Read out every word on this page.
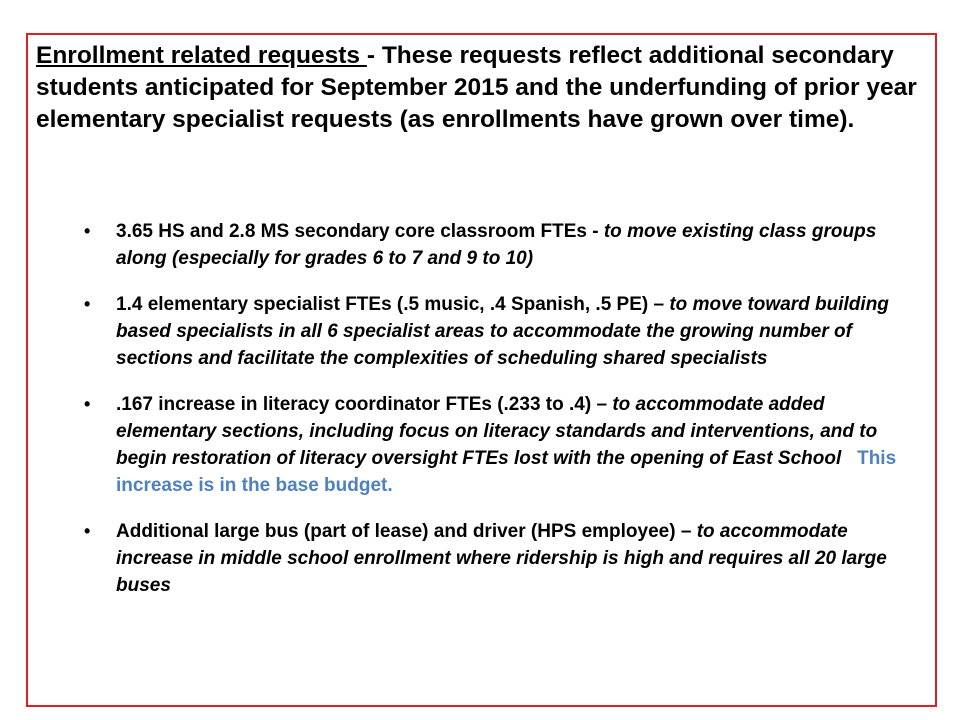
Enrollment related requests - These requests reflect additional secondary students anticipated for September 2015 and the underfunding of prior year elementary specialist requests (as enrollments have grown over time).
• 3.65 HS and 2.8 MS secondary core classroom FTEs - to move existing class groups along (especially for grades 6 to 7 and 9 to 10)
• 1.4 elementary specialist FTEs (.5 music, .4 Spanish, .5 PE) – to move toward building based specialists in all 6 specialist areas to accommodate the growing number of sections and facilitate the complexities of scheduling shared specialists
• .167 increase in literacy coordinator FTEs (.233 to .4) – to accommodate added elementary sections, including focus on literacy standards and interventions, and to begin restoration of literacy oversight FTEs lost with the opening of East School This increase is in the base budget.
• Additional large bus (part of lease) and driver (HPS employee) – to accommodate increase in middle school enrollment where ridership is high and requires all 20 large buses
